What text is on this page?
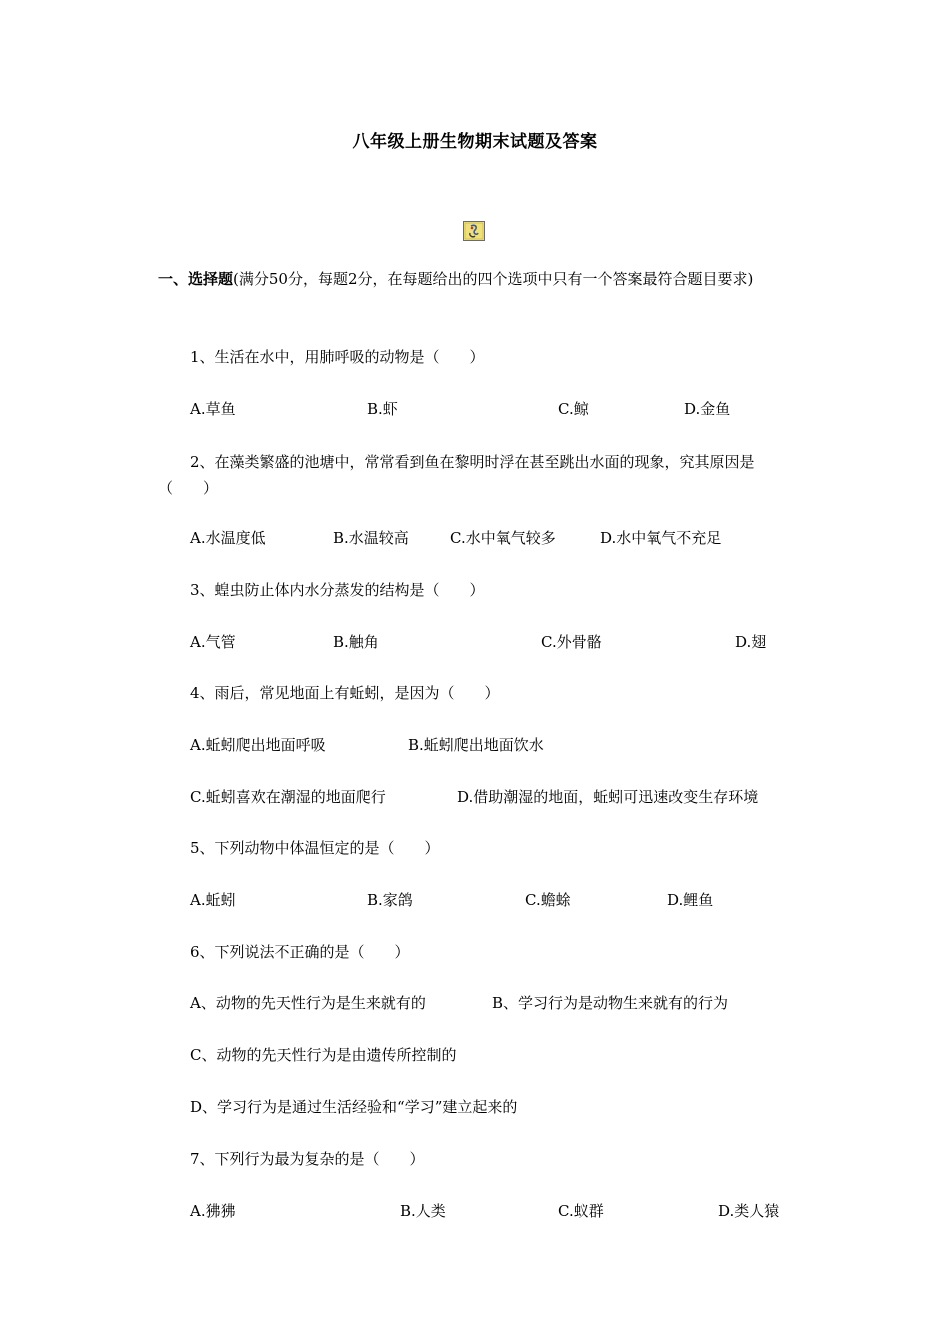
八年级上册生物期末试题及答案
一、选择题(满分50分，每题2分，在每题给出的四个选项中只有一个答案最符合题目要求)
1、生活在水中，用肺呼吸的动物是（　　）
A.草鱼	B.虾	C.鲸	D.金鱼
2、在藻类繁盛的池塘中，常常看到鱼在黎明时浮在甚至跳出水面的现象，究其原因是（　　）
A.水温度低	B.水温较高	C.水中氧气较多	D.水中氧气不充足
3、蝗虫防止体内水分蒸发的结构是（　　）
A.气管	B.触角	C.外骨骼	D.翅
4、雨后，常见地面上有蚯蚓，是因为（　　）
A.蚯蚓爬出地面呼吸	B.蚯蚓爬出地面饮水
C.蚯蚓喜欢在潮湿的地面爬行	D.借助潮湿的地面，蚯蚓可迅速改变生存环境
5、下列动物中体温恒定的是（　　）
A.蚯蚓	B.家鸽	C.蟾蜍	D.鲤鱼
6、下列说法不正确的是（　　）
A、动物的先天性行为是生来就有的	B、学习行为是动物生来就有的行为
C、动物的先天性行为是由遗传所控制的
D、学习行为是通过生活经验和“学习”建立起来的
7、下列行为最为复杂的是（　　）
A.狒狒	B.人类	C.蚁群	D.类人猿
